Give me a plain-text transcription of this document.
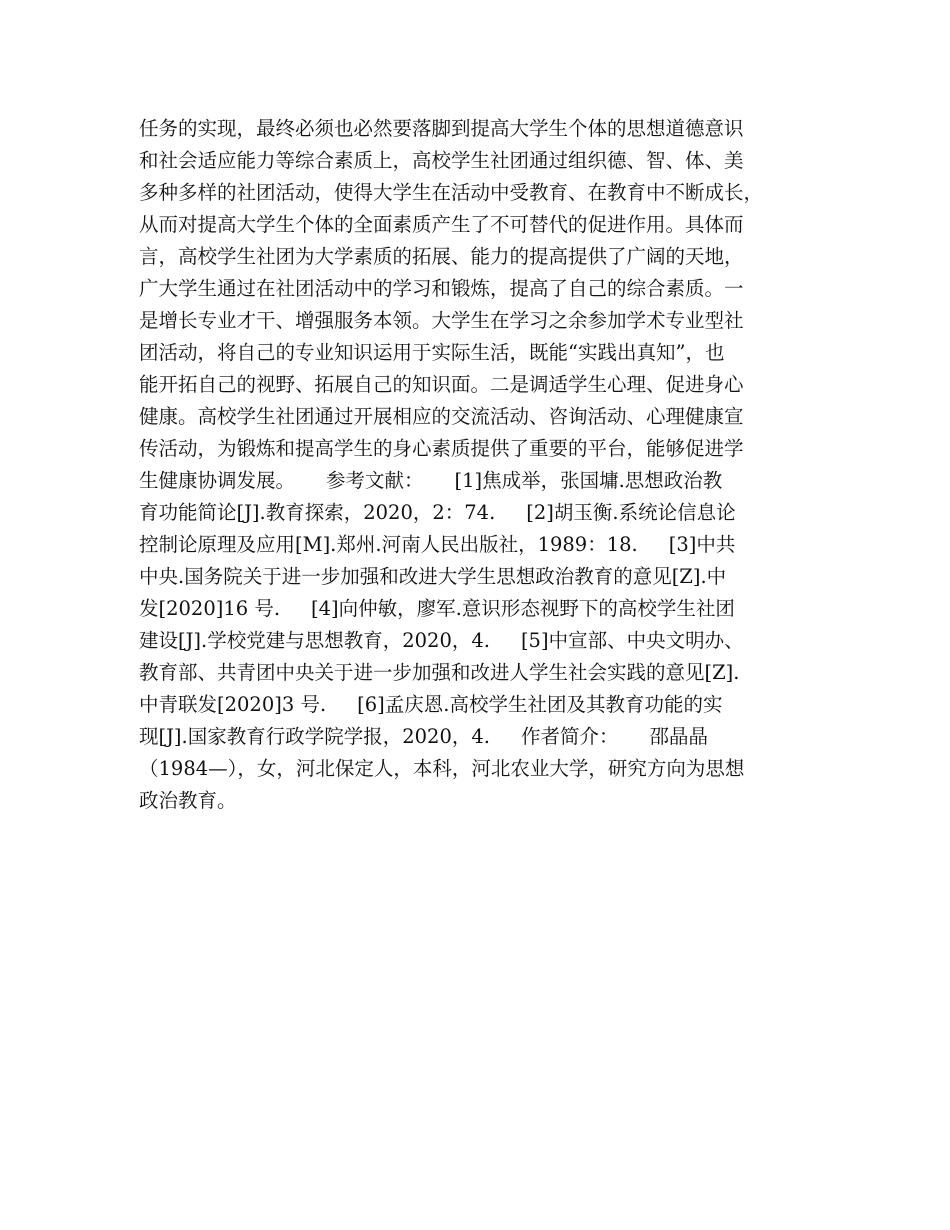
任务的实现，最终必须也必然要落脚到提高大学生个体的思想道德意识
和社会适应能力等综合素质上，高校学生社团通过组织德、智、体、美
多种多样的社团活动，使得大学生在活动中受教育、在教育中不断成长，
从而对提高大学生个体的全面素质产生了不可替代的促进作用。具体而
言，高校学生社团为大学素质的拓展、能力的提高提供了广阔的天地，
广大学生通过在社团活动中的学习和锻炼，提高了自己的综合素质。一
是增长专业才干、增强服务本领。大学生在学习之余参加学术专业型社
团活动，将自己的专业知识运用于实际生活，既能“实践出真知”，也
能开拓自己的视野、拓展自己的知识面。二是调适学生心理、促进身心
健康。高校学生社团通过开展相应的交流活动、咨询活动、心理健康宣
传活动，为锻炼和提高学生的身心素质提供了重要的平台，能够促进学
生健康协调发展。     参考文献：     [1]焦成举，张国墉.思想政治教
育功能简论[J].教育探索，2020，2：74.     [2]胡玉衡.系统论信息论
控制论原理及应用[M].郑州.河南人民出版社，1989：18.     [3]中共
中央.国务院关于进一步加强和改进大学生思想政治教育的意见[Z].中
发[2020]16 号.     [4]向仲敏，廖军.意识形态视野下的高校学生社团
建设[J].学校党建与思想教育，2020，4.     [5]中宣部、中央文明办、
教育部、共青团中央关于进一步加强和改进人学生社会实践的意见[Z].
中青联发[2020]3 号.     [6]孟庆恩.高校学生社团及其教育功能的实
现[J].国家教育行政学院学报，2020，4.     作者简介：     邵晶晶
（1984—），女，河北保定人，本科，河北农业大学，研究方向为思想
政治教育。
